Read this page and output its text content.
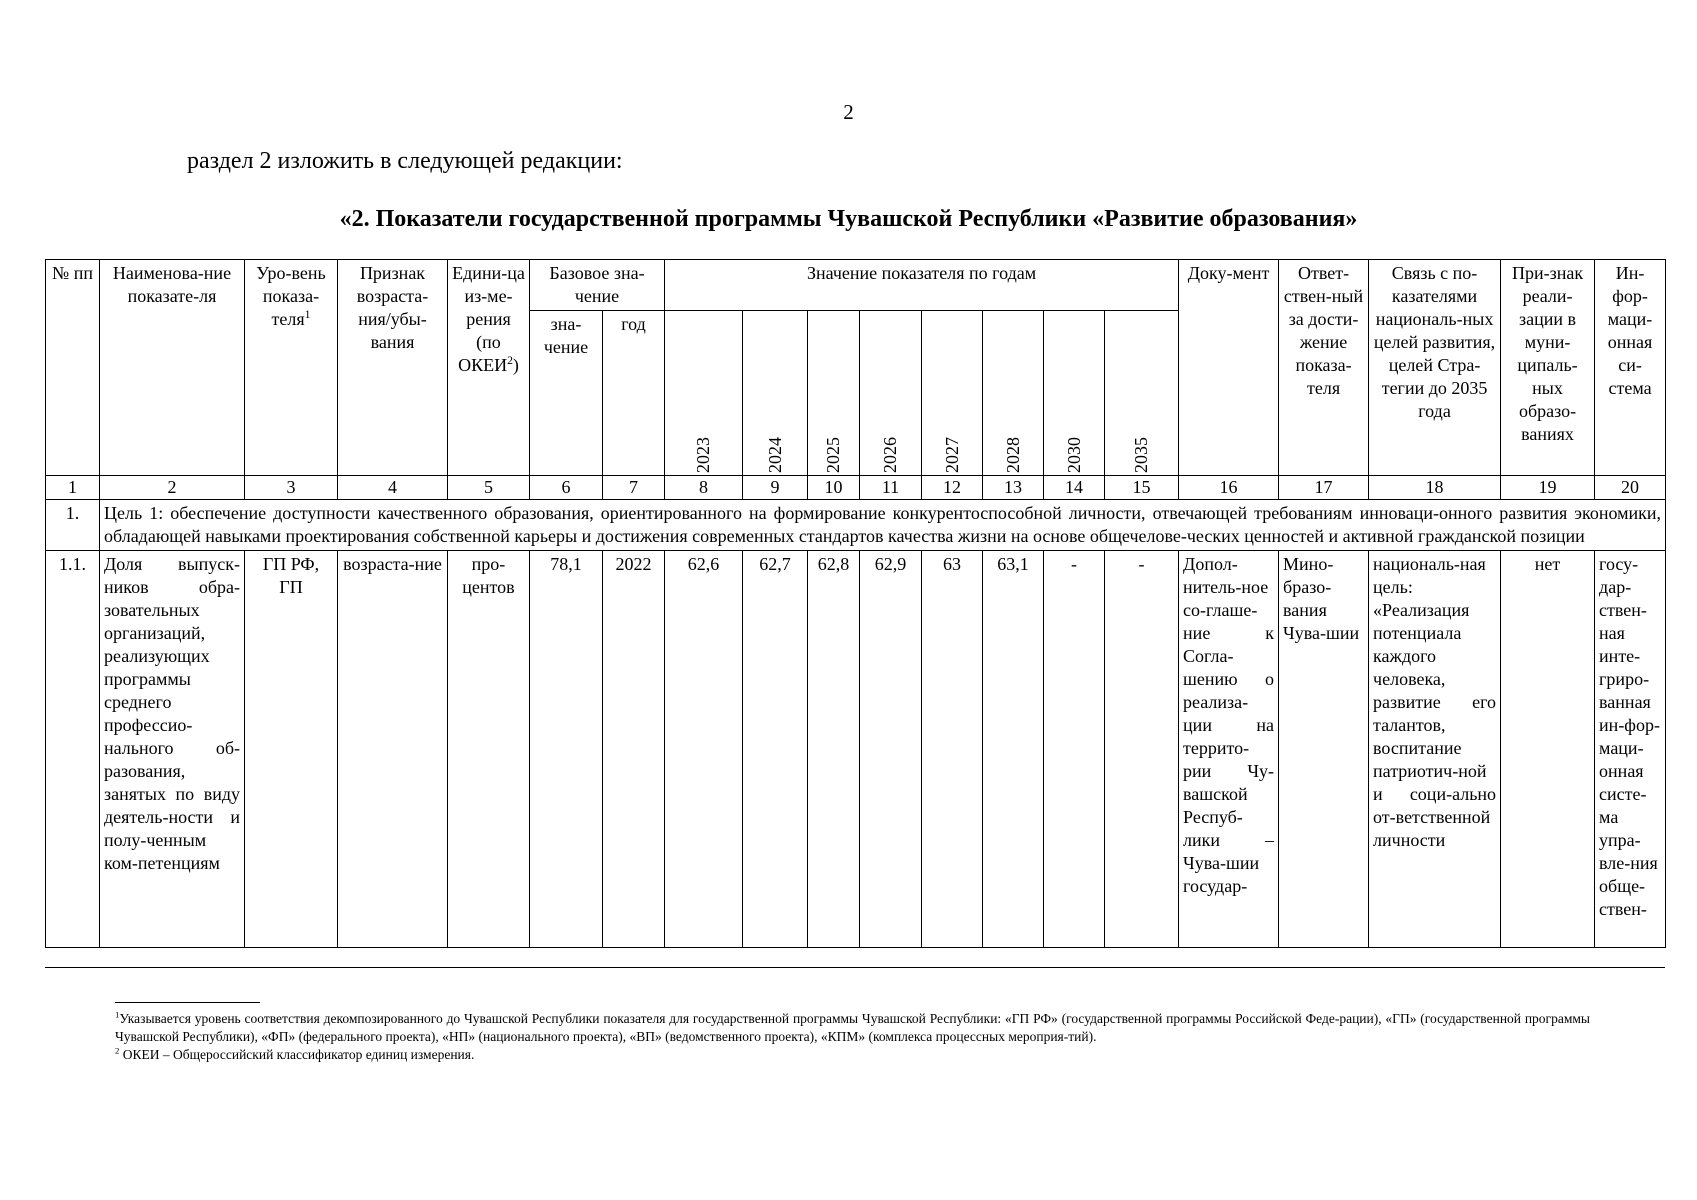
2
раздел 2 изложить в следующей редакции:
«2. Показатели государственной программы Чувашской Республики «Развитие образования»
№ пп	Наименова-ние показате-ля	Уро-вень показа-теля$^1$	Признак возраста-ния/убы-вания	Едини-ца из-ме-рения (по ОКЕИ$^2$)	Базовое зна-чение		Значение показателя по годам								Доку-мент	Ответ-ствен-ный за дости-жение показа-теля	Связь с по-казателями националь-ных целей развития, целей Стра-тегии до 2035 года	При-знак реали-зации в муни-ципаль-ных образо-ваниях	Ин-фор-маци-онная си-стема
					зна-чение	год	2023	2024	2025	2026	2027	2028	2030	2035					

1	2	3	4	5	6	7	8	9	10	11	12	13	14	15	16	17	18	19	20
1.	Цель 1: обеспечение доступности качественного образования, ориентированного на формирование конкурентоспособной личности, отвечающей требованиям инноваци-онного развития экономики, обладающей навыками проектирования собственной карьеры и достижения современных стандартов качества жизни на основе общечелове-ческих ценностей и активной гражданской позиции																		
1.1.	Доля выпуск-ников обра-зовательных организаций, реализующих программы среднего профессио-нального об-разования, занятых по виду деятель-ности и полу-ченным ком-петенциям	ГП РФ, ГП	возраста-ние	про-центов	78,1	2022	62,6	62,7	62,8	62,9	63	63,1	-	-	Допол-нитель-ное со-глаше-ние к Согла-шению о реализа-ции на террито-рии Чу-вашской Респуб-лики – Чува-шии государ-	Мино-бразо-вания Чува-шии	националь-ная цель: «Реализация потенциала каждого человека, развитие его талантов, воспитание патриотич-ной и соци-ально от-ветственной личности	нет	госу-дар-ствен-ная инте-гриро-ванная ин-фор-маци-онная систе-ма упра-вле-ния обще-ствен-

$^1$Указывается уровень соответствия декомпозированного до Чувашской Республики показателя для государственной программы Чувашской Республики: «ГП РФ» (государственной программы Российской Феде-рации), «ГП» (государственной программы Чувашской Республики), «ФП» (федерального проекта), «НП» (национального проекта), «ВП» (ведомственного проекта), «КПМ» (комплекса процессных мероприя-тий).

$^2$ ОКЕИ – Общероссийский классификатор единиц измерения.
